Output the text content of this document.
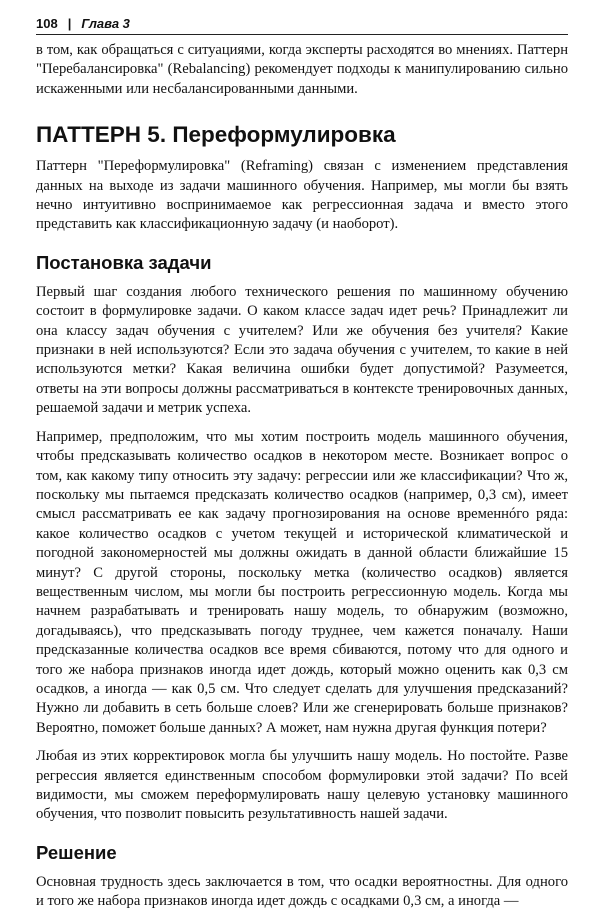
108 | Глава 3

в том, как обращаться с ситуациями, когда эксперты расходятся во мнениях. Паттерн "Перебалансировка" (Rebalancing) рекомендует подходы к манипулированию сильно искаженными или несбалансированными данными.

ПАТТЕРН 5. Переформулировка

Паттерн "Переформулировка" (Reframing) связан с изменением представления данных на выходе из задачи машинного обучения. Например, мы могли бы взять нечно интуитивно воспринимаемое как регрессионная задача и вместо этого представить как классификационную задачу (и наоборот).

Постановка задачи

Первый шаг создания любого технического решения по машинному обучению состоит в формулировке задачи. О каком классе задач идет речь? Принадлежит ли она классу задач обучения с учителем? Или же обучения без учителя? Какие признаки в ней используются? Если это задача обучения с учителем, то какие в ней используются метки? Какая величина ошибки будет допустимой? Разумеется, ответы на эти вопросы должны рассматриваться в контексте тренировочных данных, решаемой задачи и метрик успеха.

Например, предположим, что мы хотим построить модель машинного обучения, чтобы предсказывать количество осадков в некотором месте. Возникает вопрос о том, как какому типу относить эту задачу: регрессии или же классификации? Что ж, поскольку мы пытаемся предсказать количество осадков (например, 0,3 см), имеет смысл рассматривать ее как задачу прогнозирования на основе временнóго ряда: какое количество осадков с учетом текущей и исторической климатической и погодной закономерностей мы должны ожидать в данной области ближайшие 15 минут? С другой стороны, поскольку метка (количество осадков) является вещественным числом, мы могли бы построить регрессионную модель. Когда мы начнем разрабатывать и тренировать нашу модель, то обнаружим (возможно, догадываясь), что предсказывать погоду труднее, чем кажется поначалу. Наши предсказанные количества осадков все время сбиваются, потому что для одного и того же набора признаков иногда идет дождь, который можно оценить как 0,3 см осадков, а иногда — как 0,5 см. Что следует сделать для улучшения предсказаний? Нужно ли добавить в сеть больше слоев? Или же сгенерировать больше признаков? Вероятно, поможет больше данных? А может, нам нужна другая функция потери?

Любая из этих корректировок могла бы улучшить нашу модель. Но постойте. Разве регрессия является единственным способом формулировки этой задачи? По всей видимости, мы сможем переформулировать нашу целевую установку машинного обучения, что позволит повысить результативность нашей задачи.

Решение

Основная трудность здесь заключается в том, что осадки вероятностны. Для одного и того же набора признаков иногда идет дождь с осадками 0,3 см, а иногда —
